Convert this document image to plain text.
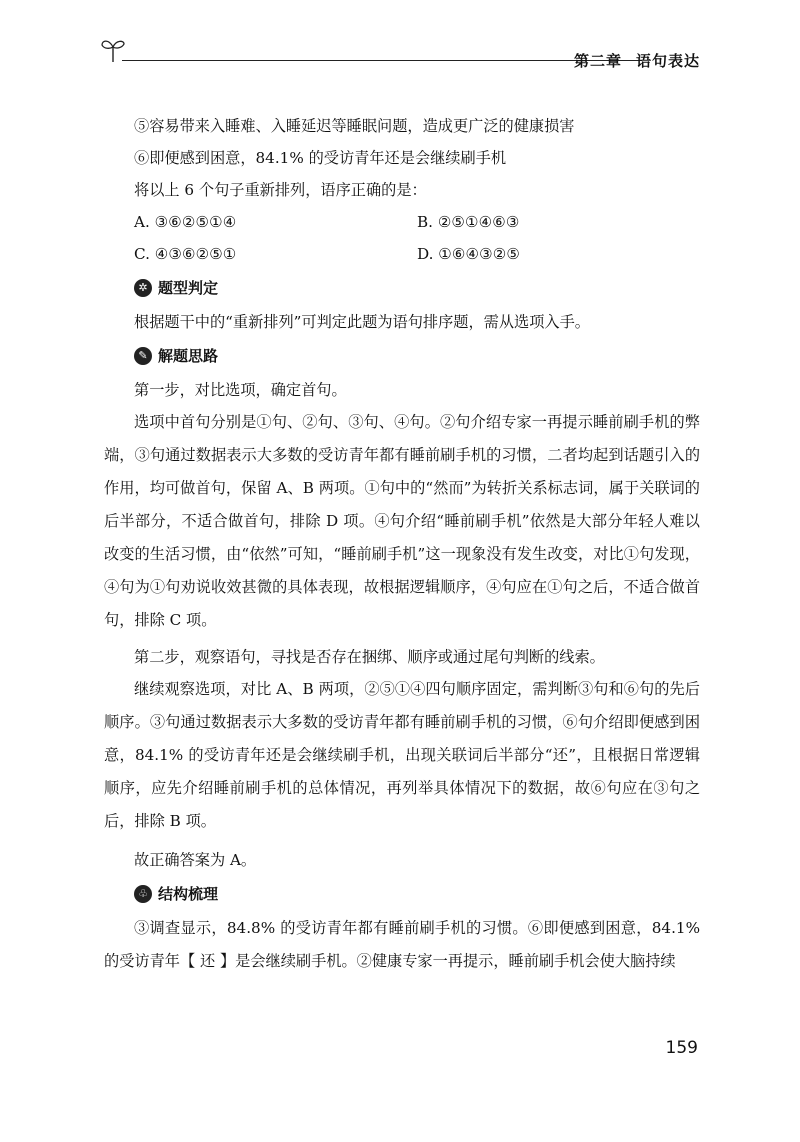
第二章 语句表达
⑤容易带来入睡难、入睡延迟等睡眠问题，造成更广泛的健康损害
⑥即便感到困意，84.1% 的受访青年还是会继续刷手机
将以上 6 个句子重新排列，语序正确的是：
A. ③⑥②⑤①④	B. ②⑤①④⑥③
C. ④③⑥②⑤①	D. ①⑥④③②⑤
✲ 题型判定
根据题干中的“重新排列”可判定此题为语句排序题，需从选项入手。
✎ 解题思路
第一步，对比选项，确定首句。

选项中首句分别是①句、②句、③句、④句。②句介绍专家一再提示睡前刷手机的弊端，③句通过数据表示大多数的受访青年都有睡前刷手机的习惯，二者均起到话题引入的作用，均可做首句，保留 A、B 两项。①句中的“然而”为转折关系标志词，属于关联词的后半部分，不适合做首句，排除 D 项。④句介绍“睡前刷手机”依然是大部分年轻人难以改变的生活习惯，由“依然”可知，“睡前刷手机”这一现象没有发生改变，对比①句发现，④句为①句劝说收效甚微的具体表现，故根据逻辑顺序，④句应在①句之后，不适合做首句，排除 C 项。

第二步，观察语句，寻找是否存在捆绑、顺序或通过尾句判断的线索。

继续观察选项，对比 A、B 两项，②⑤①④四句顺序固定，需判断③句和⑥句的先后顺序。③句通过数据表示大多数的受访青年都有睡前刷手机的习惯，⑥句介绍即便感到困意，84.1% 的受访青年还是会继续刷手机，出现关联词后半部分“还”，且根据日常逻辑顺序，应先介绍睡前刷手机的总体情况，再列举具体情况下的数据，故⑥句应在③句之后，排除 B 项。

故正确答案为 A。
♧ 结构梳理

③调查显示，84.8% 的受访青年都有睡前刷手机的习惯。⑥即便感到困意，84.1% 的受访青年【 还 】是会继续刷手机。②健康专家一再提示，睡前刷手机会使大脑持续

159
